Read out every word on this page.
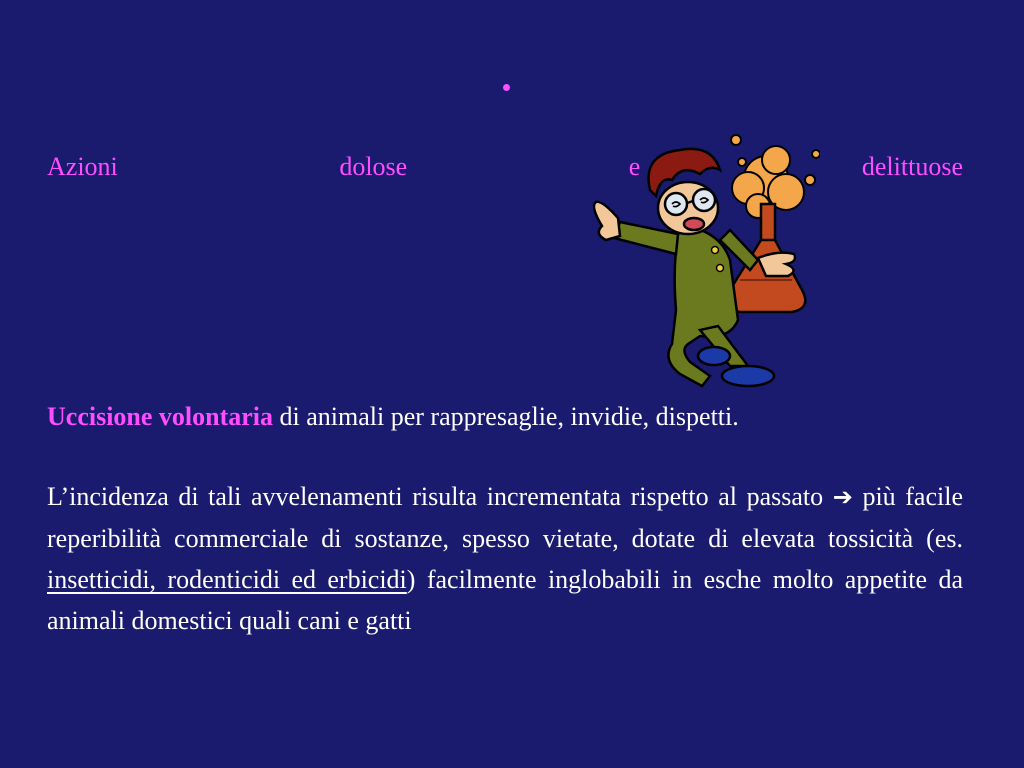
Azioni	dolose	e	delittuose
Uccisione volontaria di animali per rappresaglie, invidie, dispetti.
L’incidenza di tali avvelenamenti risulta incrementata rispetto al passato ➔ più facile reperibilità commerciale di sostanze, spesso vietate, dotate di elevata tossicità (es. insetticidi, rodenticidi ed erbicidi) facilmente inglobabili in esche molto appetite da animali domestici quali cani e gatti
